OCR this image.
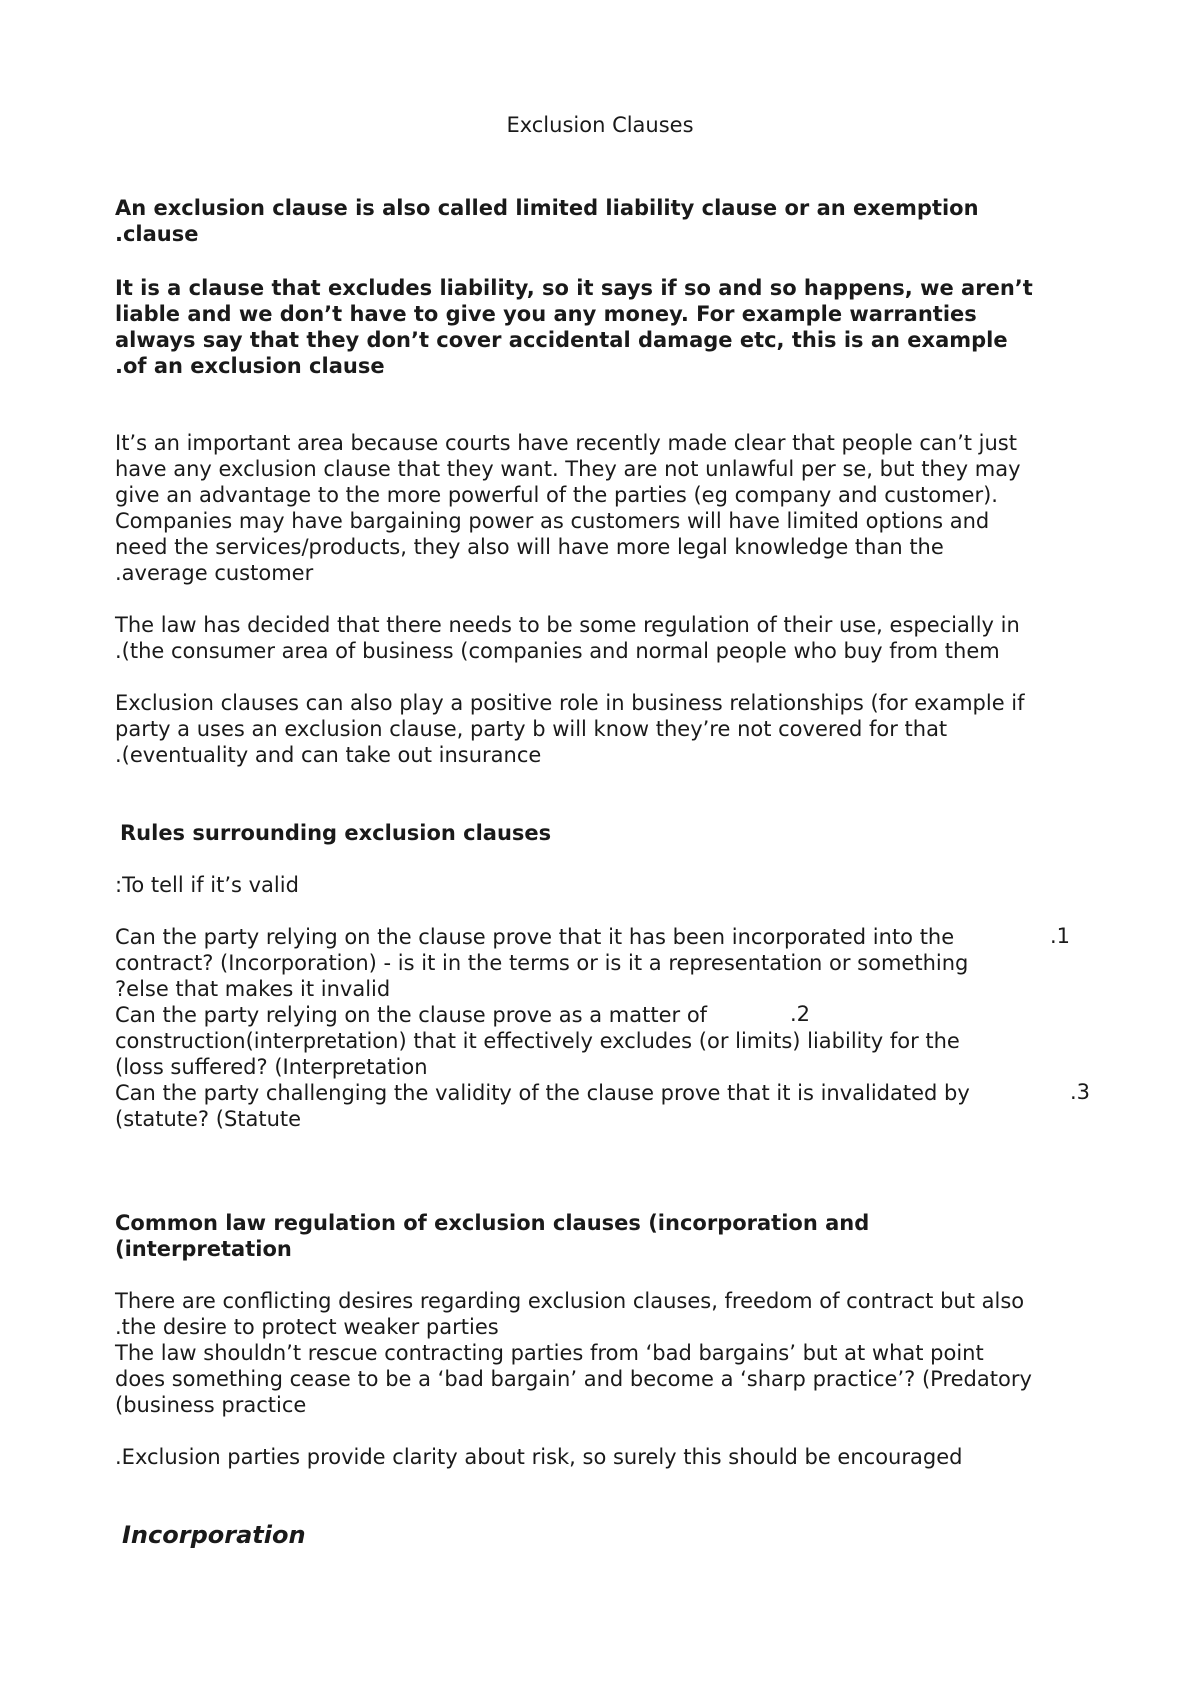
Exclusion Clauses
An exclusion clause is also called limited liability clause or an exemption
.clause
It is a clause that excludes liability, so it says if so and so happens, we aren’t
liable and we don’t have to give you any money. For example warranties
always say that they don’t cover accidental damage etc, this is an example
.of an exclusion clause
It’s an important area because courts have recently made clear that people can’t just
have any exclusion clause that they want. They are not unlawful per se, but they may
give an advantage to the more powerful of the parties (eg company and customer).
Companies may have bargaining power as customers will have limited options and
need the services/products, they also will have more legal knowledge than the
.average customer
The law has decided that there needs to be some regulation of their use, especially in
.(the consumer area of business (companies and normal people who buy from them
Exclusion clauses can also play a positive role in business relationships (for example if
party a uses an exclusion clause, party b will know they’re not covered for that
.(eventuality and can take out insurance
Rules surrounding exclusion clauses
:To tell if it’s valid
Can the party relying on the clause prove that it has been incorporated into the
contract? (Incorporation) - is it in the terms or is it a representation or something
?else that makes it invalid
.1
Can the party relying on the clause prove as a matter of
construction(interpretation) that it effectively excludes (or limits) liability for the
(loss suffered? (Interpretation
.2
Can the party challenging the validity of the clause prove that it is invalidated by
(statute? (Statute
.3
Common law regulation of exclusion clauses (incorporation and
(interpretation
There are conflicting desires regarding exclusion clauses, freedom of contract but also
.the desire to protect weaker parties
The law shouldn’t rescue contracting parties from ‘bad bargains’ but at what point
does something cease to be a ‘bad bargain’ and become a ‘sharp practice’? (Predatory
(business practice
.Exclusion parties provide clarity about risk, so surely this should be encouraged
Incorporation
